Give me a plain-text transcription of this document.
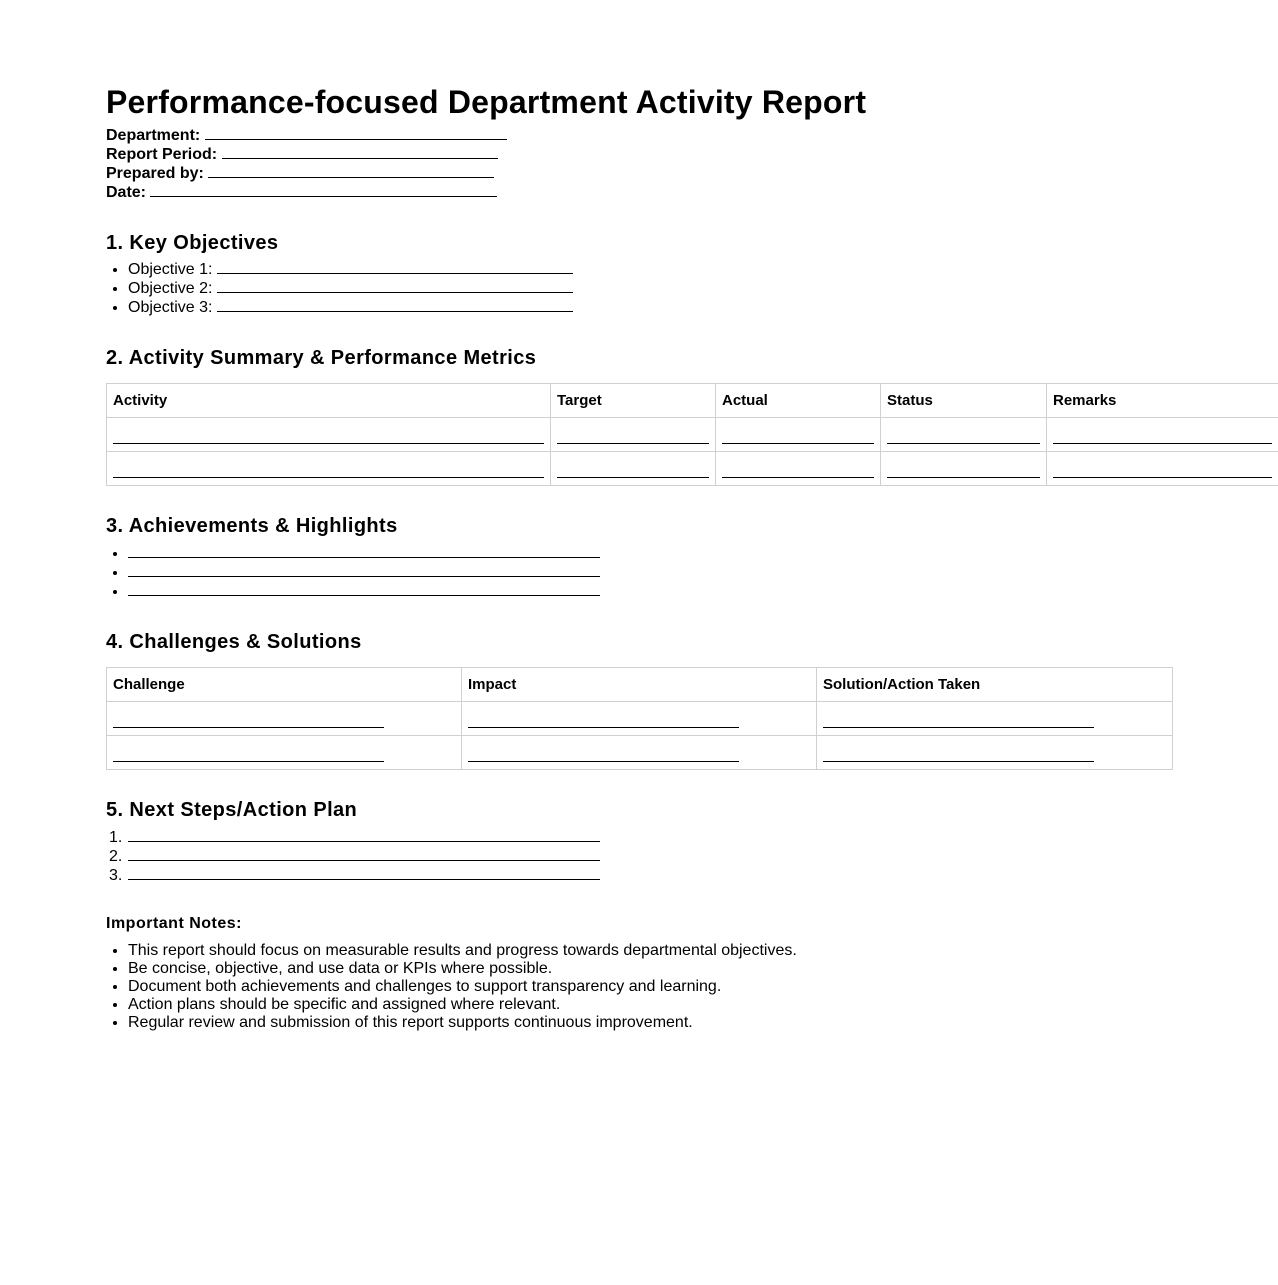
Performance-focused Department Activity Report
Department:
Report Period:
Prepared by:
Date:
1. Key Objectives
• Objective 1:
• Objective 2:
• Objective 3:
2. Activity Summary & Performance Metrics
Activity	Target	Actual	Status	Remarks

3. Achievements & Highlights
•
•
•
4. Challenges & Solutions
Challenge	Impact	Solution/Action Taken

5. Next Steps/Action Plan
1.
2.
3.
Important Notes:
• This report should focus on measurable results and progress towards departmental objectives.
• Be concise, objective, and use data or KPIs where possible.
• Document both achievements and challenges to support transparency and learning.
• Action plans should be specific and assigned where relevant.
• Regular review and submission of this report supports continuous improvement.
